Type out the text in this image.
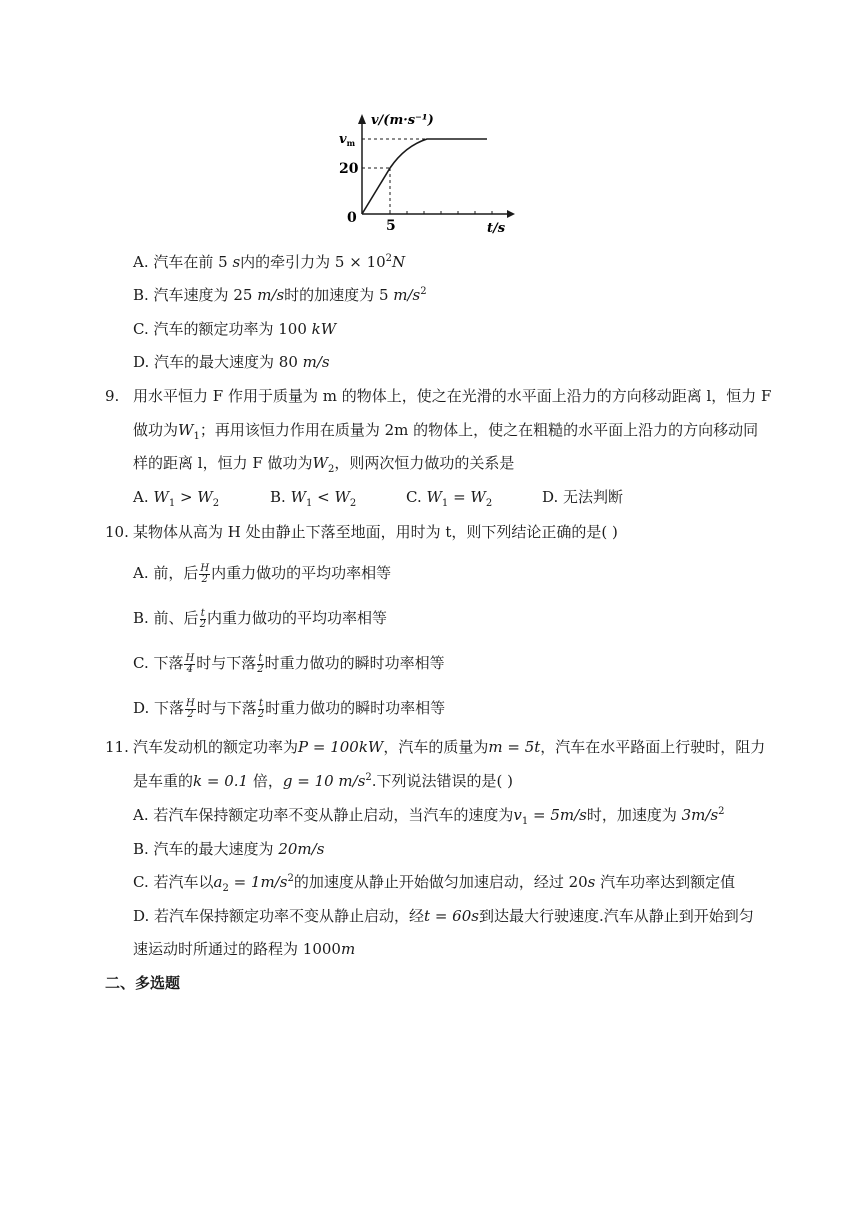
v/(m·s⁻¹)
$v_m$
20
0 5	t/s
A. 汽车在前 5 s内的牵引力为 $5 \times 10^2N$
B. 汽车速度为 25 m/s时的加速度为 5 $m/s^2$
C. 汽车的额定功率为 100 kW
D. 汽车的最大速度为 80 m/s
9. 用水平恒力 F 作用于质量为 m 的物体上，使之在光滑的水平面上沿力的方向移动距离 l，恒力 F
做功为$W_1$；再用该恒力作用在质量为 2m 的物体上，使之在粗糙的水平面上沿力的方向移动同
样的距离 l，恒力 F 做功为$W_2$，则两次恒力做功的关系是
A. $W_1 > W_2$	B. $W_1 < W_2$	C. $W_1 = W_2$	D. 无法判断
10. 某物体从高为 H 处由静止下落至地面，用时为 t，则下列结论正确的是( )
A. 前，后 $\frac{H}{2}$ 内重力做功的平均功率相等
B. 前、后 $\frac{t}{2}$ 内重力做功的平均功率相等
C. 下落 $\frac{H}{4}$ 时与下落 $\frac{t}{2}$ 时重力做功的瞬时功率相等
D. 下落 $\frac{H}{2}$ 时与下落 $\frac{t}{2}$ 时重力做功的瞬时功率相等
11. 汽车发动机的额定功率为P = 100kW，汽车的质量为m = 5t，汽车在水平路面上行驶时，阻力
是车重的k = 0.1 倍，g = 10 $m/s^2$.下列说法错误的是( )
A. 若汽车保持额定功率不变从静止启动，当汽车的速度为$v_1 = 5m/s$时，加速度为 $3m/s^2$
B. 汽车的最大速度为 20m/s
C. 若汽车以$a_2 = 1m/s^2$的加速度从静止开始做匀加速启动，经过 20s 汽车功率达到额定值
D. 若汽车保持额定功率不变从静止启动，经t = 60s到达最大行驶速度.汽车从静止到开始到匀
速运动时所通过的路程为 1000m
二、多选题
